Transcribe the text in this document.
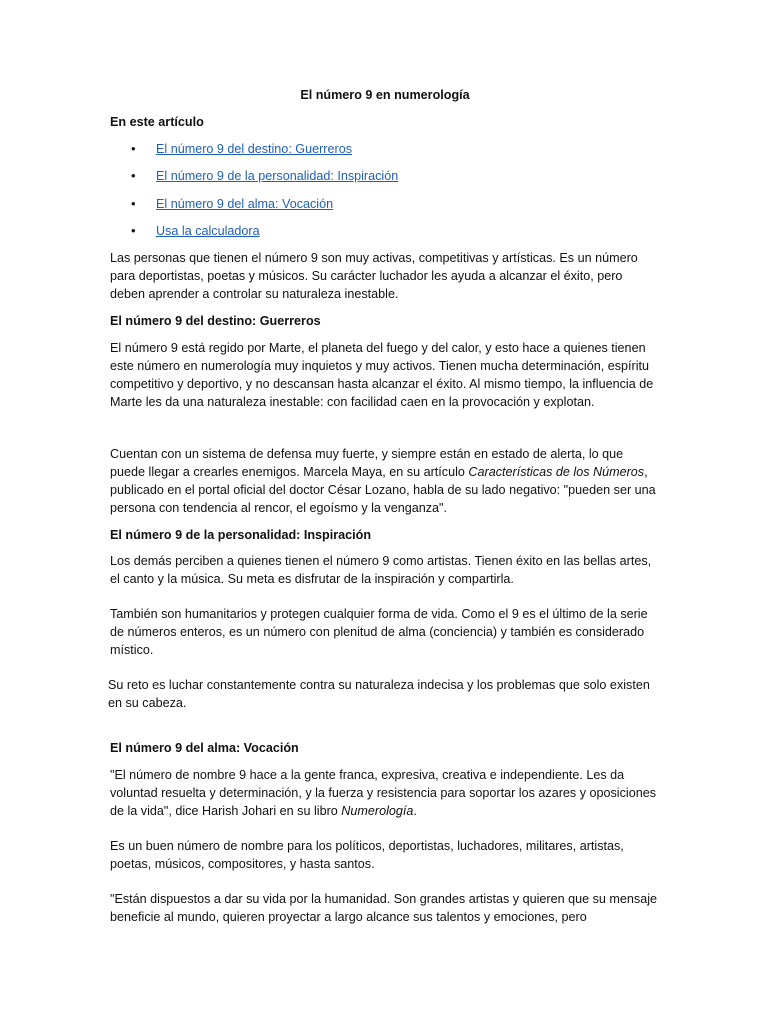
El número 9 en numerología
En este artículo
• El número 9 del destino: Guerreros
• El número 9 de la personalidad: Inspiración
• El número 9 del alma: Vocación
• Usa la calculadora

Las personas que tienen el número 9 son muy activas, competitivas y artísticas. Es un número para deportistas, poetas y músicos. Su carácter luchador les ayuda a alcanzar el éxito, pero deben aprender a controlar su naturaleza inestable.

El número 9 del destino: Guerreros

El número 9 está regido por Marte, el planeta del fuego y del calor, y esto hace a quienes tienen este número en numerología muy inquietos y muy activos. Tienen mucha determinación, espíritu competitivo y deportivo, y no descansan hasta alcanzar el éxito. Al mismo tiempo, la influencia de Marte les da una naturaleza inestable: con facilidad caen en la provocación y explotan.

Cuentan con un sistema de defensa muy fuerte, y siempre están en estado de alerta, lo que puede llegar a crearles enemigos. Marcela Maya, en su artículo Características de los Números, publicado en el portal oficial del doctor César Lozano, habla de su lado negativo: "pueden ser una persona con tendencia al rencor, el egoísmo y la venganza".

El número 9 de la personalidad: Inspiración

Los demás perciben a quienes tienen el número 9 como artistas. Tienen éxito en las bellas artes, el canto y la música. Su meta es disfrutar de la inspiración y compartirla.

También son humanitarios y protegen cualquier forma de vida. Como el 9 es el último de la serie de números enteros, es un número con plenitud de alma (conciencia) y también es considerado místico.

Su reto es luchar constantemente contra su naturaleza indecisa y los problemas que solo existen en su cabeza.

El número 9 del alma: Vocación

"El número de nombre 9 hace a la gente franca, expresiva, creativa e independiente. Les da voluntad resuelta y determinación, y la fuerza y resistencia para soportar los azares y oposiciones de la vida", dice Harish Johari en su libro Numerología.

Es un buen número de nombre para los políticos, deportistas, luchadores, militares, artistas, poetas, músicos, compositores, y hasta santos.

"Están dispuestos a dar su vida por la humanidad. Son grandes artistas y quieren que su mensaje beneficie al mundo, quieren proyectar a largo alcance sus talentos y emociones, pero
